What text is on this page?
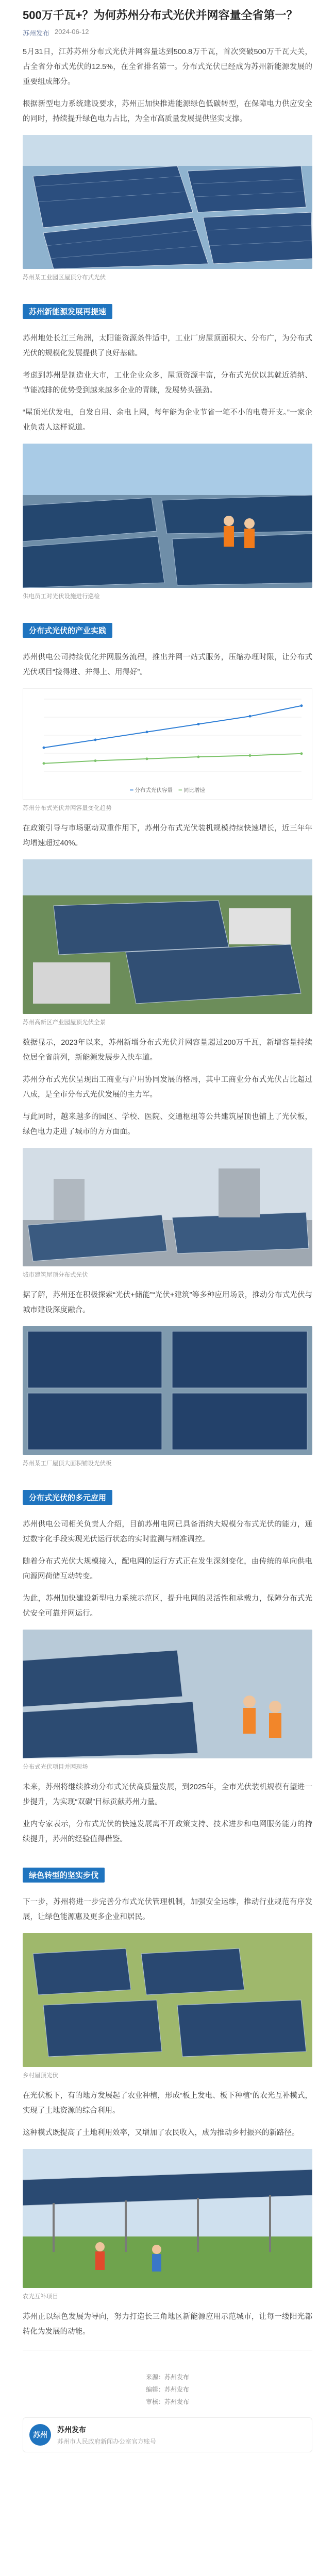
500万千瓦+？为何苏州分布式光伏并网容量全省第一？
苏州发布 2024-06-12

5月31日，江苏苏州分布式光伏并网容量达到500.8万千瓦，首次突破500万千瓦大关，占全省分布式光伏的12.5%，在全省排名第一。分布式光伏已经成为苏州新能源发展的重要组成部分。

根据新型电力系统建设要求，苏州正加快推进能源绿色低碳转型，在保障电力供应安全的同时，持续提升绿色电力占比，为全市高质量发展提供坚实支撑。

苏州某工业园区屋顶分布式光伏
苏州新能源发展再提速

苏州地处长江三角洲，太阳能资源条件适中，工业厂房屋顶面积大、分布广，为分布式光伏的规模化发展提供了良好基础。

考虑到苏州是制造业大市，工业企业众多，屋顶资源丰富，分布式光伏以其就近消纳、节能减排的优势受到越来越多企业的青睐，发展势头强劲。

“屋顶光伏发电，自发自用、余电上网，每年能为企业节省一笔不小的电费开支。”一家企业负责人这样说道。

供电员工对光伏设施进行巡检
分布式光伏的产业实践

苏州供电公司持续优化并网服务流程，推出并网一站式服务，压缩办理时限，让分布式光伏项目“接得进、并得上、用得好”。

━ 分布式光伏容量 ━ 同比增速
苏州分布式光伏并网容量变化趋势

在政策引导与市场驱动双重作用下，苏州分布式光伏装机规模持续快速增长，近三年年均增速超过40%。

苏州高新区产业园屋顶光伏全景

数据显示，2023年以来，苏州新增分布式光伏并网容量超过200万千瓦，新增容量持续位居全省前列，新能源发展步入快车道。

苏州分布式光伏呈现出工商业与户用协同发展的格局，其中工商业分布式光伏占比超过八成，是全市分布式光伏发展的主力军。

与此同时，越来越多的园区、学校、医院、交通枢纽等公共建筑屋顶也铺上了光伏板，绿色电力走进了城市的方方面面。

城市建筑屋顶分布式光伏

据了解，苏州还在积极探索“光伏+储能”“光伏+建筑”等多种应用场景，推动分布式光伏与城市建设深度融合。

苏州某工厂屋顶大面积铺设光伏板
分布式光伏的多元应用

苏州供电公司相关负责人介绍，目前苏州电网已具备消纳大规模分布式光伏的能力，通过数字化手段实现光伏运行状态的实时监测与精准调控。

随着分布式光伏大规模接入，配电网的运行方式正在发生深刻变化，由传统的单向供电向源网荷储互动转变。

为此，苏州加快建设新型电力系统示范区，提升电网的灵活性和承载力，保障分布式光伏安全可靠并网运行。

分布式光伏项目并网现场

未来，苏州将继续推动分布式光伏高质量发展，到2025年，全市光伏装机规模有望进一步提升，为实现“双碳”目标贡献苏州力量。

业内专家表示，分布式光伏的快速发展离不开政策支持、技术进步和电网服务能力的持续提升，苏州的经验值得借鉴。

绿色转型的坚实步伐

下一步，苏州将进一步完善分布式光伏管理机制，加强安全运维，推动行业规范有序发展，让绿色能源惠及更多企业和居民。

乡村屋顶光伏

在光伏板下，有的地方发展起了农业种植，形成“板上发电、板下种植”的农光互补模式，实现了土地资源的综合利用。

这种模式既提高了土地利用效率，又增加了农民收入，成为推动乡村振兴的新路径。

农光互补项目

苏州正以绿色发展为导向，努力打造长三角地区新能源应用示范城市，让每一缕阳光都转化为发展的动能。

来源：苏州发布
编辑：苏州发布
审核：苏州发布
苏州
苏州发布
苏州市人民政府新闻办公室官方账号
